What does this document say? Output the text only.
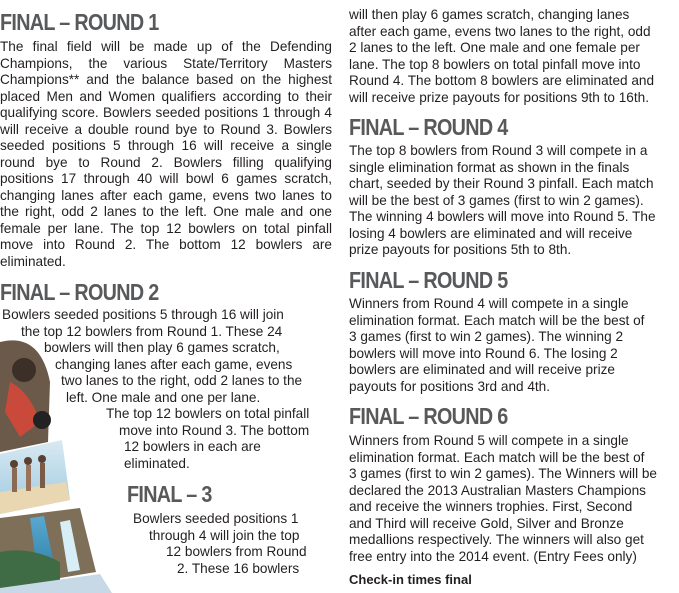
FINAL – ROUND 1

The final field will be made up of the Defending Champions, the various State/Territory Masters Champions** and the balance based on the highest placed Men and Women qualifiers according to their qualifying score. Bowlers seeded positions 1 through 4 will receive a double round bye to Round 3. Bowlers seeded positions 5 through 16 will receive a single round bye to Round 2. Bowlers filling qualifying positions 17 through 40 will bowl 6 games scratch, changing lanes after each game, evens two lanes to the right, odd 2 lanes to the left. One male and one female per lane. The top 12 bowlers on total pinfall move into Round 2. The bottom 12 bowlers are eliminated.

FINAL – ROUND 2

Bowlers seeded positions 5 through 16 will join
the top 12 bowlers from Round 1. These 24
bowlers will then play 6 games scratch,
changing lanes after each game, evens
two lanes to the right, odd 2 lanes to the
left. One male and one per lane.
The top 12 bowlers on total pinfall
move into Round 3. The bottom
12 bowlers in each are
eliminated.

FINAL – 3

Bowlers seeded positions 1
through 4 will join the top
12 bowlers from Round
2. These 16 bowlers

will then play 6 games scratch, changing lanes
after each game, evens two lanes to the right, odd
2 lanes to the left. One male and one female per
lane. The top 8 bowlers on total pinfall move into
Round 4. The bottom 8 bowlers are eliminated and
will receive prize payouts for positions 9th to 16th.

FINAL – ROUND 4

The top 8 bowlers from Round 3 will compete in a
single elimination format as shown in the finals
chart, seeded by their Round 3 pinfall. Each match
will be the best of 3 games (first to win 2 games).
The winning 4 bowlers will move into Round 5. The
losing 4 bowlers are eliminated and will receive
prize payouts for positions 5th to 8th.

FINAL – ROUND 5

Winners from Round 4 will compete in a single
elimination format. Each match will be the best of
3 games (first to win 2 games). The winning 2
bowlers will move into Round 6. The losing 2
bowlers are eliminated and will receive prize
payouts for positions 3rd and 4th.

FINAL – ROUND 6

Winners from Round 5 will compete in a single
elimination format. Each match will be the best of
3 games (first to win 2 games). The Winners will be
declared the 2013 Australian Masters Champions
and receive the winners trophies. First, Second
and Third will receive Gold, Silver and Bronze
medallions respectively. The winners will also get
free entry into the 2014 event. (Entry Fees only)

Check-in times final
